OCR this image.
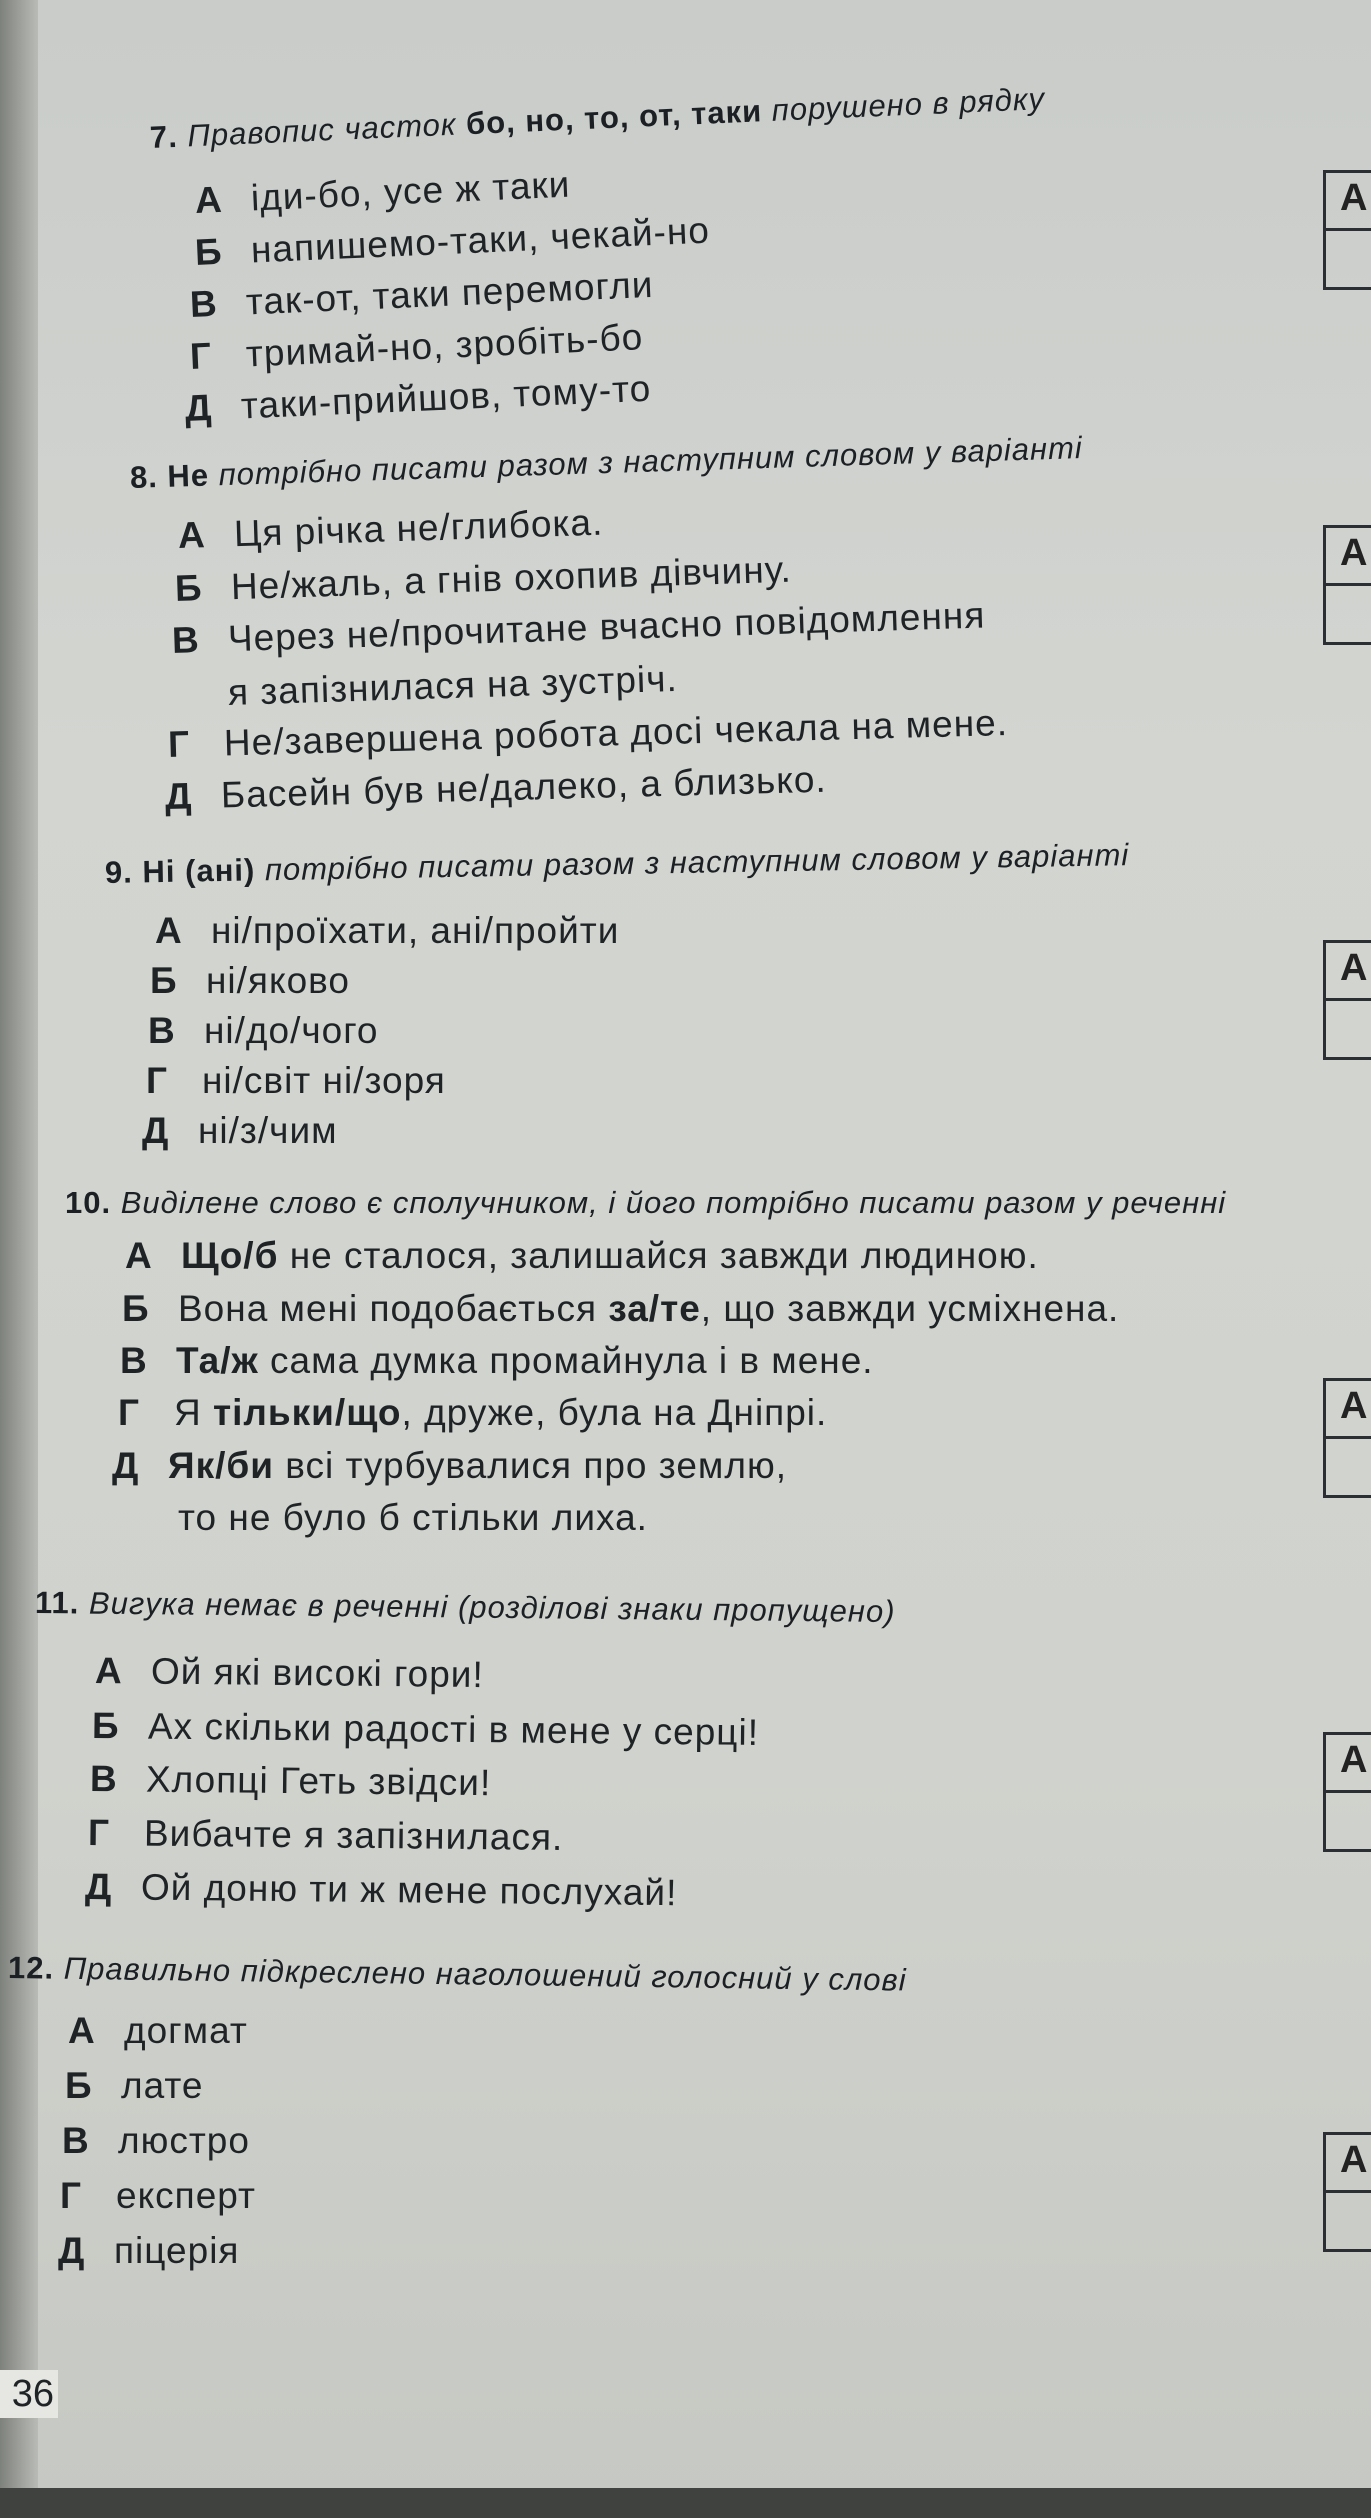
7. Правопис часток бо, но, то, от, таки порушено в рядку
А іди-бо, усе ж таки
Б напишемо-таки, чекай-но
В так-от, таки перемогли
Г тримай-но, зробіть-бо
Д таки-прийшов, тому-то
А
8. Не потрібно писати разом з наступним словом у варіанті
А Ця річка не/глибока.
Б Не/жаль, а гнів охопив дівчину.
В Через не/прочитане вчасно повідомлення
я запізнилася на зустріч.
Г Не/завершена робота досі чекала на мене.
Д Басейн був не/далеко, а близько.
А
9. Ні (ані) потрібно писати разом з наступним словом у варіанті
А ні/проїхати, ані/пройти
Б ні/яково
В ні/до/чого
Г ні/світ ні/зоря
Д ні/з/чим
А
10. Виділене слово є сполучником, і його потрібно писати разом у реченні
А Що/б не сталося, залишайся завжди людиною.
Б Вона мені подобається за/те, що завжди усміхнена.
В Та/ж сама думка промайнула і в мене.
Г Я тільки/що, друже, була на Дніпрі.
Д Як/би всі турбувалися про землю,
то не було б стільки лиха.
А
11. Вигука немає в реченні (розділові знаки пропущено)
А Ой які високі гори!
Б Ах скільки радості в мене у серці!
В Хлопці Геть звідси!
Г Вибачте я запізнилася.
Д Ой доню ти ж мене послухай!
А
12. Правильно підкреслено наголошений голосний у слові
А догмат
Б лате
В люстро
Г експерт
Д піцерія
А
36
